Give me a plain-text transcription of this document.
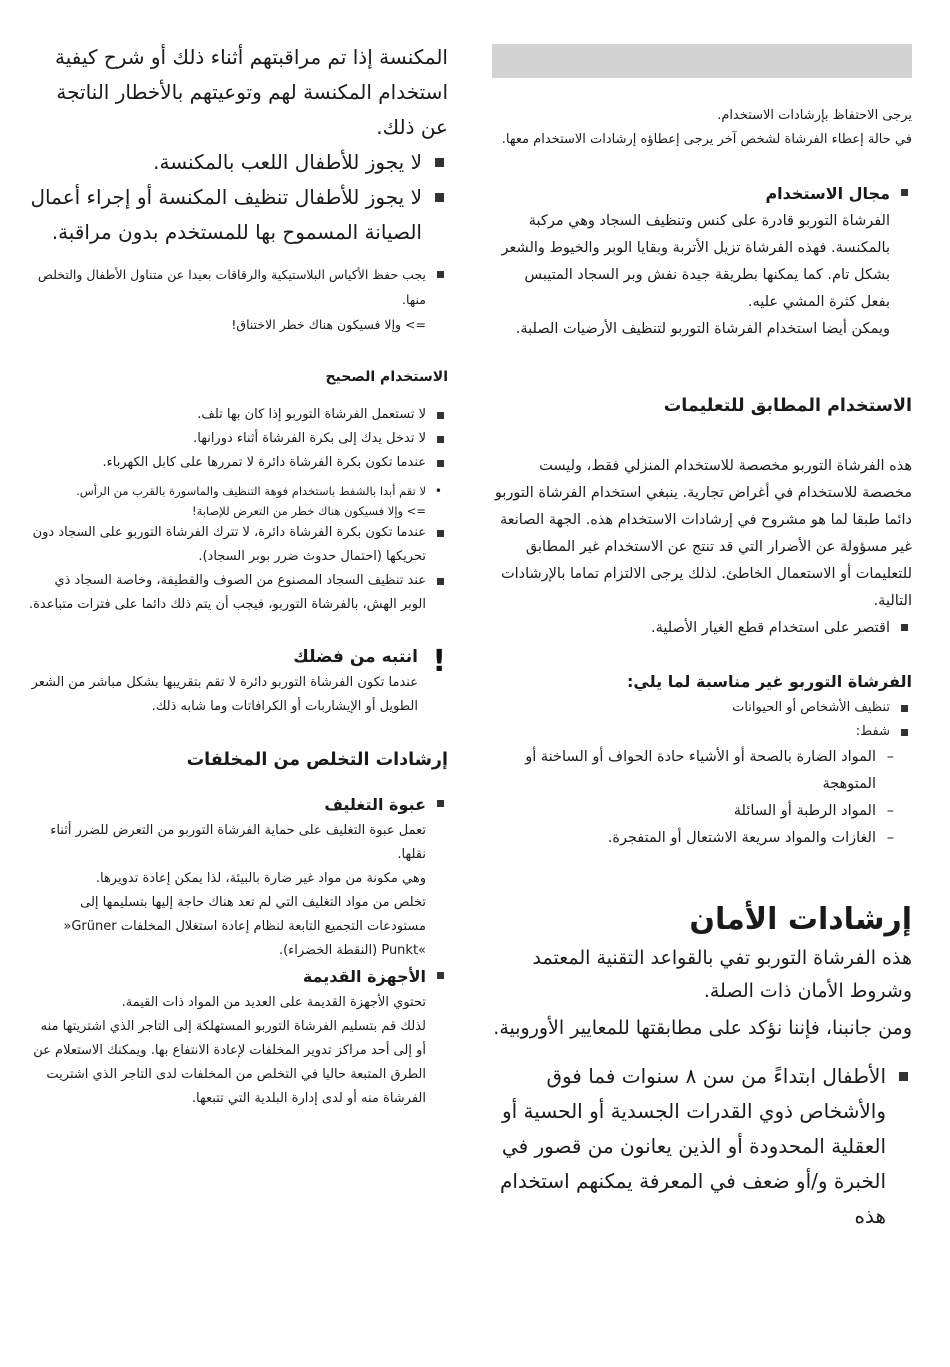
يرجى الاحتفاظ بإرشادات الاستخدام.

في حالة إعطاء الفرشاة لشخص آخر يرجى إعطاؤه إرشادات الاستخدام معها.

مجال الاستخدام

الفرشاة التوربو قادرة على كنس وتنظيف السجاد وهي مركبة بالمكنسة. فهذه الفرشاة تزيل الأتربة وبقايا الوبر والخيوط والشعر بشكل تام. كما يمكنها بطريقة جيدة نفش وبر السجاد المتيبس بفعل كثرة المشي عليه.

ويمكن أيضا استخدام الفرشاة التوربو لتنظيف الأرضيات الصلبة.

الاستخدام المطابق للتعليمات

هذه الفرشاة التوربو مخصصة للاستخدام المنزلي فقط، وليست مخصصة للاستخدام في أغراض تجارية. ينبغي استخدام الفرشاة التوربو دائما طبقا لما هو مشروح في إرشادات الاستخدام هذه. الجهة الصانعة غير مسؤولة عن الأضرار التي قد تنتج عن الاستخدام غير المطابق للتعليمات أو الاستعمال الخاطئ. لذلك يرجى الالتزام تماما بالإرشادات التالية.

اقتصر على استخدام قطع الغيار الأصلية.
الفرشاة التوربو غير مناسبة لما يلي:
تنظيف الأشخاص أو الحيوانات
شفط:
– المواد الضارة بالصحة أو الأشياء حادة الحواف أو الساخنة أو المتوهجة
– المواد الرطبة أو السائلة
– الغازات والمواد سريعة الاشتعال أو المتفجرة.
إرشادات الأمان

هذه الفرشاة التوربو تفي بالقواعد التقنية المعتمد وشروط الأمان ذات الصلة.

ومن جانبنا، فإننا نؤكد على مطابقتها للمعايير الأوروبية.

الأطفال ابتداءً من سن ٨ سنوات فما فوق والأشخاص ذوي القدرات الجسدية أو الحسية أو العقلية المحدودة أو الذين يعانون من قصور في الخبرة و/أو ضعف في المعرفة يمكنهم استخدام هذه

المكنسة إذا تم مراقبتهم أثناء ذلك أو شرح كيفية استخدام المكنسة لهم وتوعيتهم بالأخطار الناتجة عن ذلك.

لا يجوز للأطفال اللعب بالمكنسة.
لا يجوز للأطفال تنظيف المكنسة أو إجراء أعمال الصيانة المسموح بها للمستخدم بدون مراقبة.

يجب حفظ الأكياس البلاستيكية والرقاقات بعيدا عن متناول الأطفال والتخلص منها.

=> وإلا فسيكون هناك خطر الاختناق!

الاستخدام الصحيح
لا تستعمل الفرشاة التوربو إذا كان بها تلف.
لا تدخل يدك إلى بكرة الفرشاة أثناء دورانها.
عندما تكون بكرة الفرشاة دائرة لا تمررها على كابل الكهرباء.

• لا تقم أبدا بالشفط باستخدام فوهة التنظيف والماسورة بالقرب من الرأس.

=> وإلا فسيكون هناك خطر من التعرض للإصابة!

عندما تكون بكرة الفرشاة دائرة، لا تترك الفرشاة التوربو على السجاد دون تحريكها (احتمال حدوث ضرر بوبر السجاد).
عند تنظيف السجاد المصنوع من الصوف والقطيفة، وخاصة السجاد ذي الوبر الهش، بالفرشاة التوربو، فيجب أن يتم ذلك دائما على فترات متباعدة.
!
انتبه من فضلك

عندما تكون الفرشاة التوربو دائرة لا تقم بتقريبها بشكل مباشر من الشعر الطويل أو الإيشاربات أو الكرافاتات وما شابه ذلك.

إرشادات التخلص من المخلفات
عبوة التغليف

تعمل عبوة التغليف على حماية الفرشاة التوربو من التعرض للضرر أثناء نقلها.

وهي مكونة من مواد غير ضارة بالبيئة، لذا يمكن إعادة تدويرها.

تخلص من مواد التغليف التي لم تعد هناك حاجة إليها بتسليمها إلى مستودعات التجميع التابعة لنظام إعادة استغلال المخلفات »Grüner Punkt« (النقطة الخضراء).

الأجهزة القديمة

تحتوي الأجهزة القديمة على العديد من المواد ذات القيمة.

لذلك قم بتسليم الفرشاة التوربو المستهلكة إلى التاجر الذي اشتريتها منه أو إلى أحد مراكز تدوير المخلفات لإعادة الانتفاع بها. ويمكنك الاستعلام عن الطرق المتبعة حاليا في التخلص من المخلفات لدى التاجر الذي اشتريت الفرشاة منه أو لدى إدارة البلدية التي تتبعها.
